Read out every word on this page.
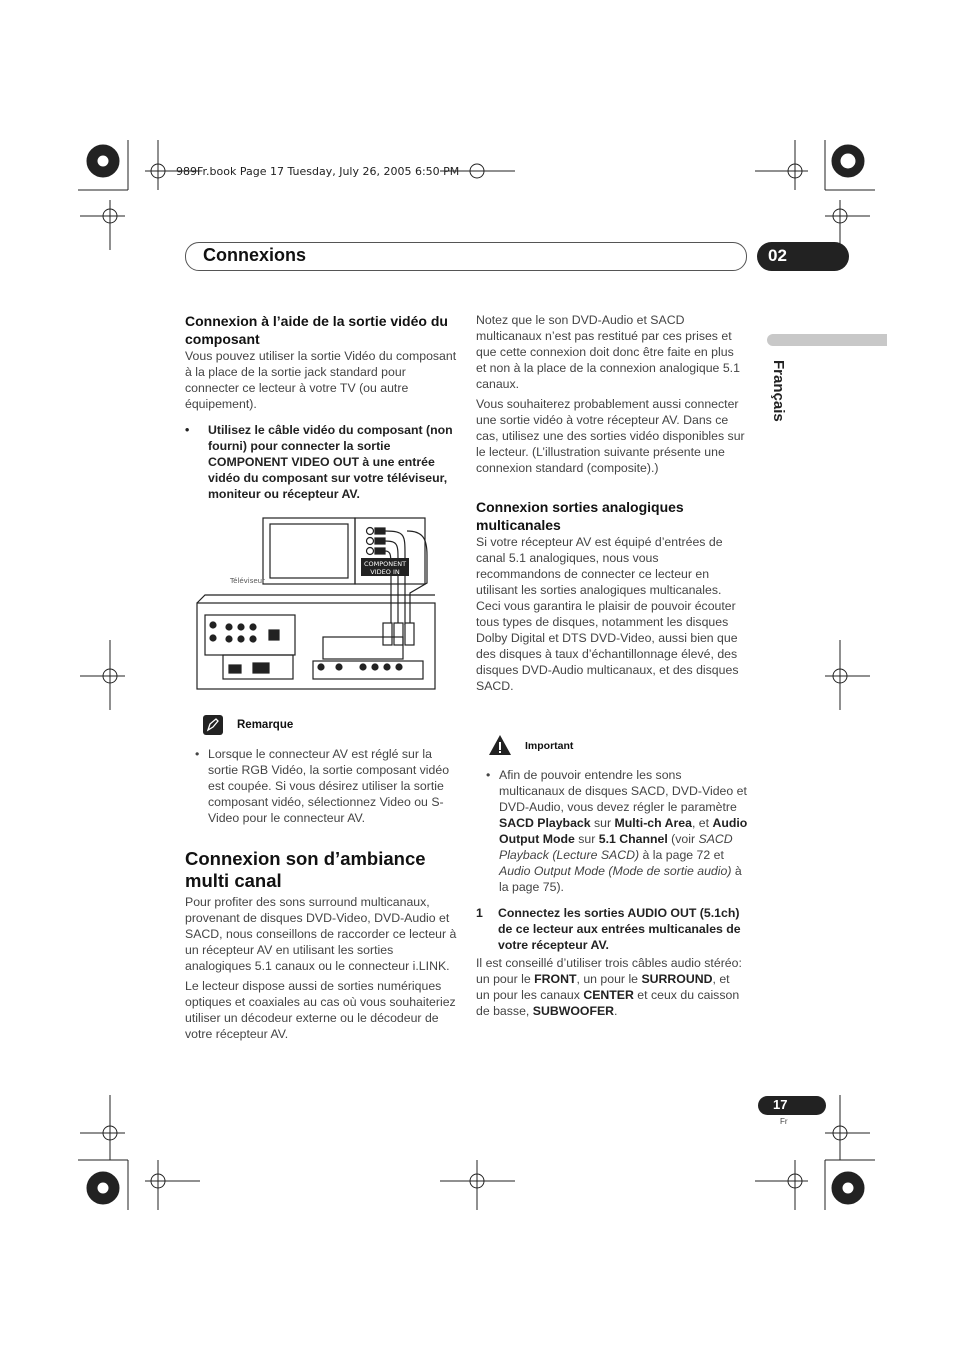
989Fr.book Page 17 Tuesday, July 26, 2005 6:50 PM
Connexions	02
Français
Connexion à l’aide de la sortie vidéo du composant

Vous pouvez utiliser la sortie Vidéo du composant à la place de la sortie jack standard pour connecter ce lecteur à votre TV (ou autre équipement).

• Utilisez le câble vidéo du composant (non fourni) pour connecter la sortie COMPONENT VIDEO OUT à une entrée vidéo du composant sur votre téléviseur, moniteur ou récepteur AV.
COMPONENT
VIDEO IN
Téléviseur
Remarque
• Lorsque le connecteur AV est réglé sur la sortie RGB Vidéo, la sortie composant vidéo est coupée. Si vous désirez utiliser la sortie composant vidéo, sélectionnez Video ou S-Video pour le connecteur AV.
Connexion son d’ambiance multi canal

Pour profiter des sons surround multicanaux, provenant de disques DVD-Video, DVD-Audio et SACD, nous conseillons de raccorder ce lecteur à un récepteur AV en utilisant les sorties analogiques 5.1 canaux ou le connecteur i.LINK.

Le lecteur dispose aussi de sorties numériques optiques et coaxiales au cas où vous souhaiteriez utiliser un décodeur externe ou le décodeur de votre récepteur AV.

Notez que le son DVD-Audio et SACD multicanaux n’est pas restitué par ces prises et que cette connexion doit donc être faite en plus et non à la place de la connexion analogique 5.1 canaux.

Vous souhaiterez probablement aussi connecter une sortie vidéo à votre récepteur AV. Dans ce cas, utilisez une des sorties vidéo disponibles sur le lecteur. (L’illustration suivante présente une connexion standard (composite).)

Connexion sorties analogiques multicanales

Si votre récepteur AV est équipé d’entrées de canal 5.1 analogiques, nous vous recommandons de connecter ce lecteur en utilisant les sorties analogiques multicanales. Ceci vous garantira le plaisir de pouvoir écouter tous types de disques, notamment les disques Dolby Digital et DTS DVD-Video, aussi bien que des disques à taux d’échantillonnage élevé, des disques DVD-Audio multicanaux, et des disques SACD.

Important
• Afin de pouvoir entendre les sons multicanaux de disques SACD, DVD-Video et DVD-Audio, vous devez régler le paramètre SACD Playback sur Multi-ch Area, et Audio Output Mode sur 5.1 Channel (voir SACD Playback (Lecture SACD) à la page 72 et Audio Output Mode (Mode de sortie audio) à la page 75).
1 Connectez les sorties AUDIO OUT (5.1ch) de ce lecteur aux entrées multicanales de votre récepteur AV.

Il est conseillé d’utiliser trois câbles audio stéréo: un pour le FRONT, un pour le SURROUND, et un pour les canaux CENTER et ceux du caisson de basse, SUBWOOFER.

17
Fr
